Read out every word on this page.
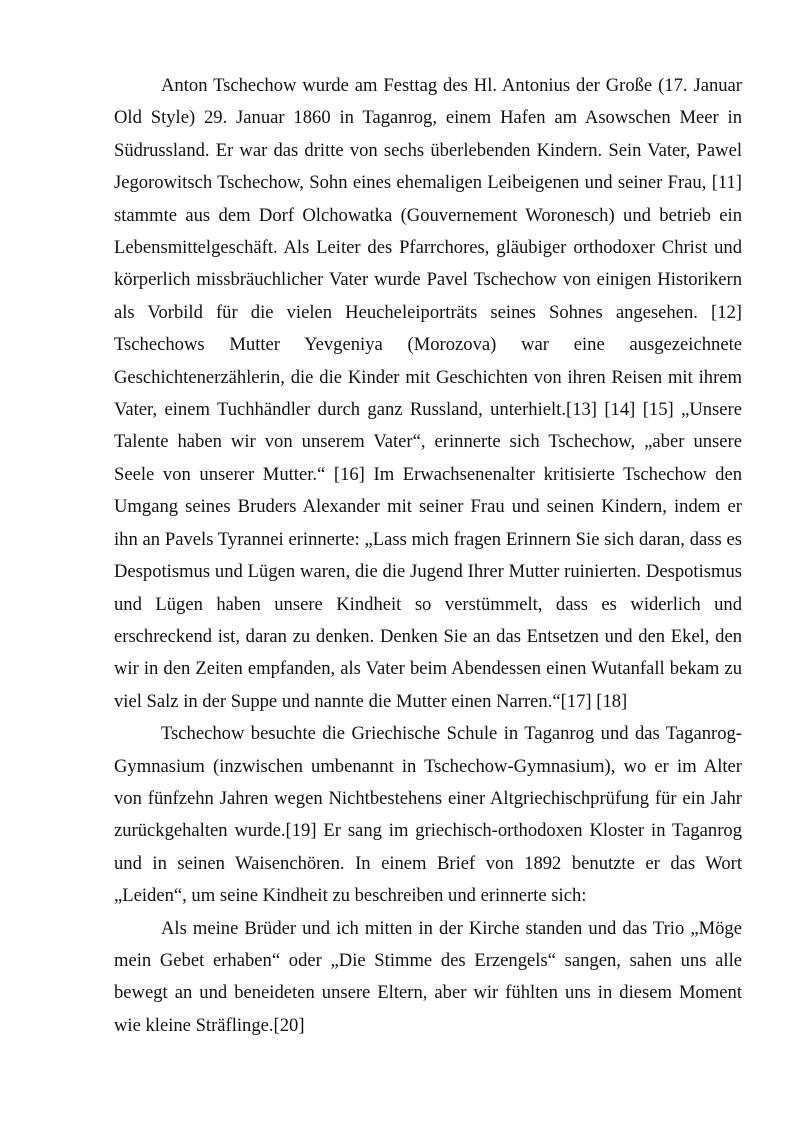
Anton Tschechow wurde am Festtag des Hl. Antonius der Große (17. Januar Old Style) 29. Januar 1860 in Taganrog, einem Hafen am Asowschen Meer in Südrussland. Er war das dritte von sechs überlebenden Kindern. Sein Vater, Pawel Jegorowitsch Tschechow, Sohn eines ehemaligen Leibeigenen und seiner Frau, [11] stammte aus dem Dorf Olchowatka (Gouvernement Woronesch) und betrieb ein Lebensmittelgeschäft. Als Leiter des Pfarrchores, gläubiger orthodoxer Christ und körperlich missbräuchlicher Vater wurde Pavel Tschechow von einigen Historikern als Vorbild für die vielen Heucheleiporträts seines Sohnes angesehen. [12] Tschechows Mutter Yevgeniya (Morozova) war eine ausgezeichnete Geschichtenerzählerin, die die Kinder mit Geschichten von ihren Reisen mit ihrem Vater, einem Tuchhändler durch ganz Russland, unterhielt.[13] [14] [15] „Unsere Talente haben wir von unserem Vater“, erinnerte sich Tschechow, „aber unsere Seele von unserer Mutter.“ [16] Im Erwachsenenalter kritisierte Tschechow den Umgang seines Bruders Alexander mit seiner Frau und seinen Kindern, indem er ihn an Pavels Tyrannei erinnerte: „Lass mich fragen Erinnern Sie sich daran, dass es Despotismus und Lügen waren, die die Jugend Ihrer Mutter ruinierten. Despotismus und Lügen haben unsere Kindheit so verstümmelt, dass es widerlich und erschreckend ist, daran zu denken. Denken Sie an das Entsetzen und den Ekel, den wir in den Zeiten empfanden, als Vater beim Abendessen einen Wutanfall bekam zu viel Salz in der Suppe und nannte die Mutter einen Narren.“[17] [18]

Tschechow besuchte die Griechische Schule in Taganrog und das Taganrog-Gymnasium (inzwischen umbenannt in Tschechow-Gymnasium), wo er im Alter von fünfzehn Jahren wegen Nichtbestehens einer Altgriechischprüfung für ein Jahr zurückgehalten wurde.[19] Er sang im griechisch-orthodoxen Kloster in Taganrog und in seinen Waisenchören. In einem Brief von 1892 benutzte er das Wort „Leiden“, um seine Kindheit zu beschreiben und erinnerte sich:

Als meine Brüder und ich mitten in der Kirche standen und das Trio „Möge mein Gebet erhaben“ oder „Die Stimme des Erzengels“ sangen, sahen uns alle bewegt an und beneideten unsere Eltern, aber wir fühlten uns in diesem Moment wie kleine Sträflinge.[20]
